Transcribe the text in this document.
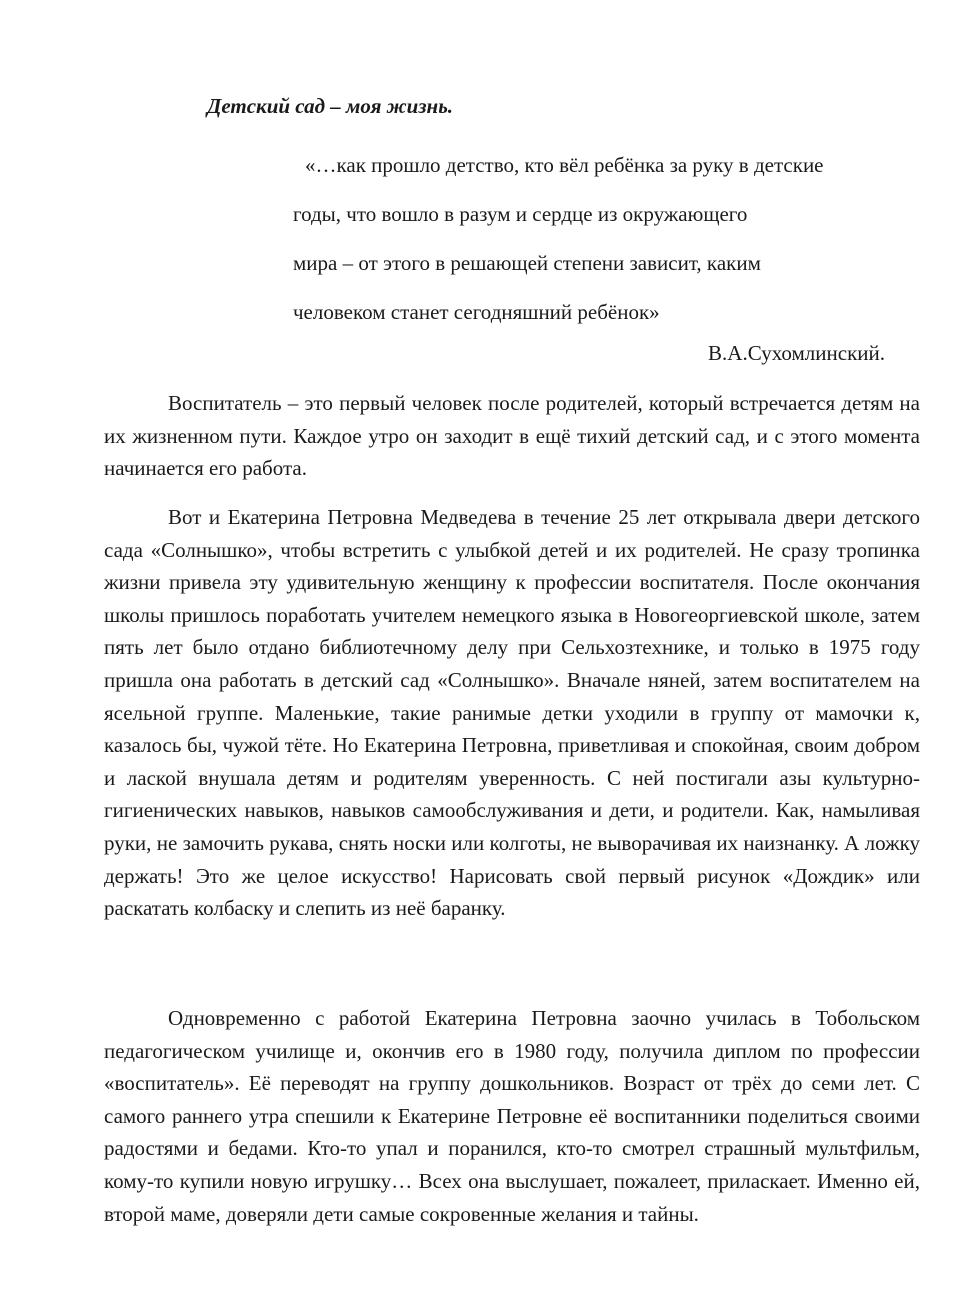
Детский сад – моя жизнь.
«…как прошло детство, кто вёл ребёнка за руку в детские
годы, что вошло в разум и сердце из окружающего
мира – от этого в решающей степени зависит, каким
человеком станет сегодняшний ребёнок»

В.А.Сухомлинский.

Воспитатель – это первый человек после родителей, который встречается детям на их жизненном пути. Каждое утро он заходит в ещё тихий детский сад, и с этого момента начинается его работа.

Вот и Екатерина Петровна Медведева в течение 25 лет открывала двери детского сада «Солнышко», чтобы встретить с улыбкой детей и их родителей. Не сразу тропинка жизни привела эту удивительную женщину к профессии воспитателя. После окончания школы пришлось поработать учителем немецкого языка в Новогеоргиевской школе, затем пять лет было отдано библиотечному делу при Сельхозтехнике, и только в 1975 году пришла она работать в детский сад «Солнышко». Вначале няней, затем воспитателем на ясельной группе. Маленькие, такие ранимые детки уходили в группу от мамочки к, казалось бы, чужой тёте. Но Екатерина Петровна, приветливая и спокойная, своим добром и лаской внушала детям и родителям уверенность. С ней постигали азы культурно-гигиенических навыков, навыков самообслуживания и дети, и родители. Как, намыливая руки, не замочить рукава, снять носки или колготы, не выворачивая их наизнанку. А ложку держать! Это же целое искусство! Нарисовать свой первый рисунок «Дождик» или раскатать колбаску и слепить из неё баранку.

Одновременно с работой Екатерина Петровна заочно училась в Тобольском педагогическом училище и, окончив его в 1980 году, получила диплом по профессии «воспитатель». Её переводят на группу дошкольников. Возраст от трёх до семи лет. С самого раннего утра спешили к Екатерине Петровне её воспитанники поделиться своими радостями и бедами. Кто-то упал и поранился, кто-то смотрел страшный мультфильм, кому-то купили новую игрушку… Всех она выслушает, пожалеет, приласкает. Именно ей, второй маме, доверяли дети самые сокровенные желания и тайны.
